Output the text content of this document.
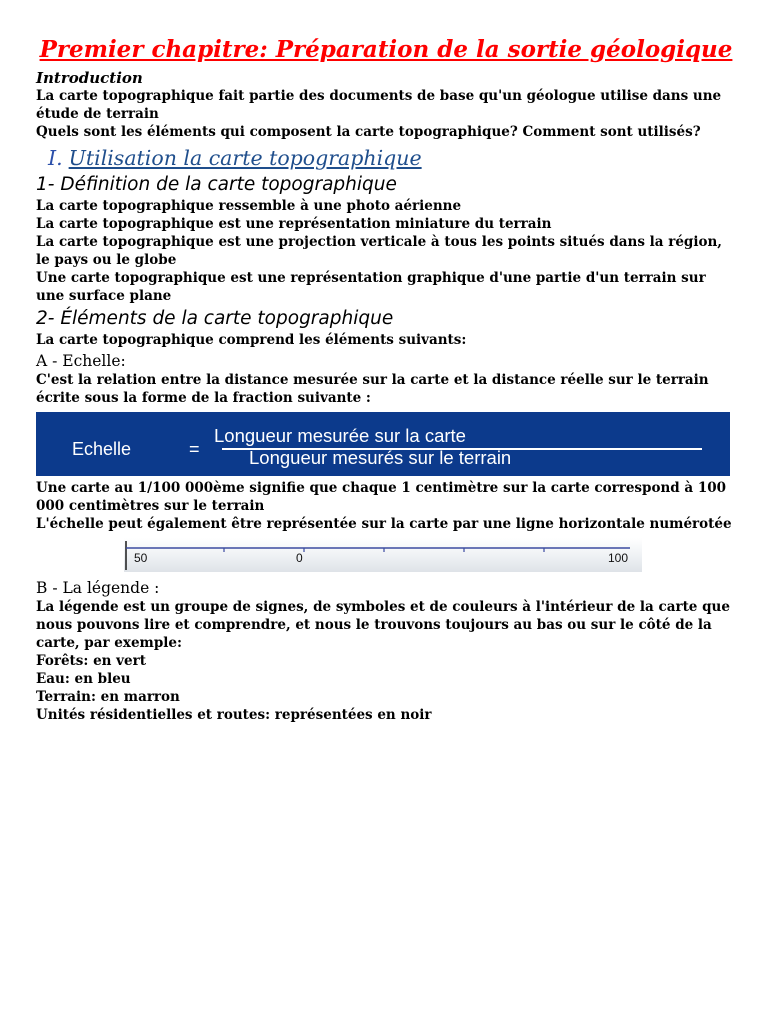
Premier chapitre: Préparation de la sortie géologique
Introduction

La carte topographique fait partie des documents de base qu'un géologue utilise dans une étude de terrain

Quels sont les éléments qui composent la carte topographique? Comment sont utilisés?

I. Utilisation la carte topographique
1- Définition de la carte topographique

La carte topographique ressemble à une photo aérienne

La carte topographique est une représentation miniature du terrain

La carte topographique est une projection verticale à tous les points situés dans la région, le pays ou le globe

Une carte topographique est une représentation graphique d'une partie d'un terrain sur une surface plane

2- Éléments de la carte topographique

La carte topographique comprend les éléments suivants:

A - Echelle:

C'est la relation entre la distance mesurée sur la carte et la distance réelle sur le terrain écrite sous la forme de la fraction suivante :

Echelle	=
Longueur mesurée sur la carte
Longueur mesurés sur le terrain

Une carte au 1/100 000ème signifie que chaque 1 centimètre sur la carte correspond à 100 000 centimètres sur le terrain

L'échelle peut également être représentée sur la carte par une ligne horizontale numérotée

50	0	100
B - La légende :

La légende est un groupe de signes, de symboles et de couleurs à l'intérieur de la carte que nous pouvons lire et comprendre, et nous le trouvons toujours au bas ou sur le côté de la carte, par exemple:

Forêts: en vert

Eau: en bleu

Terrain: en marron

Unités résidentielles et routes: représentées en noir
